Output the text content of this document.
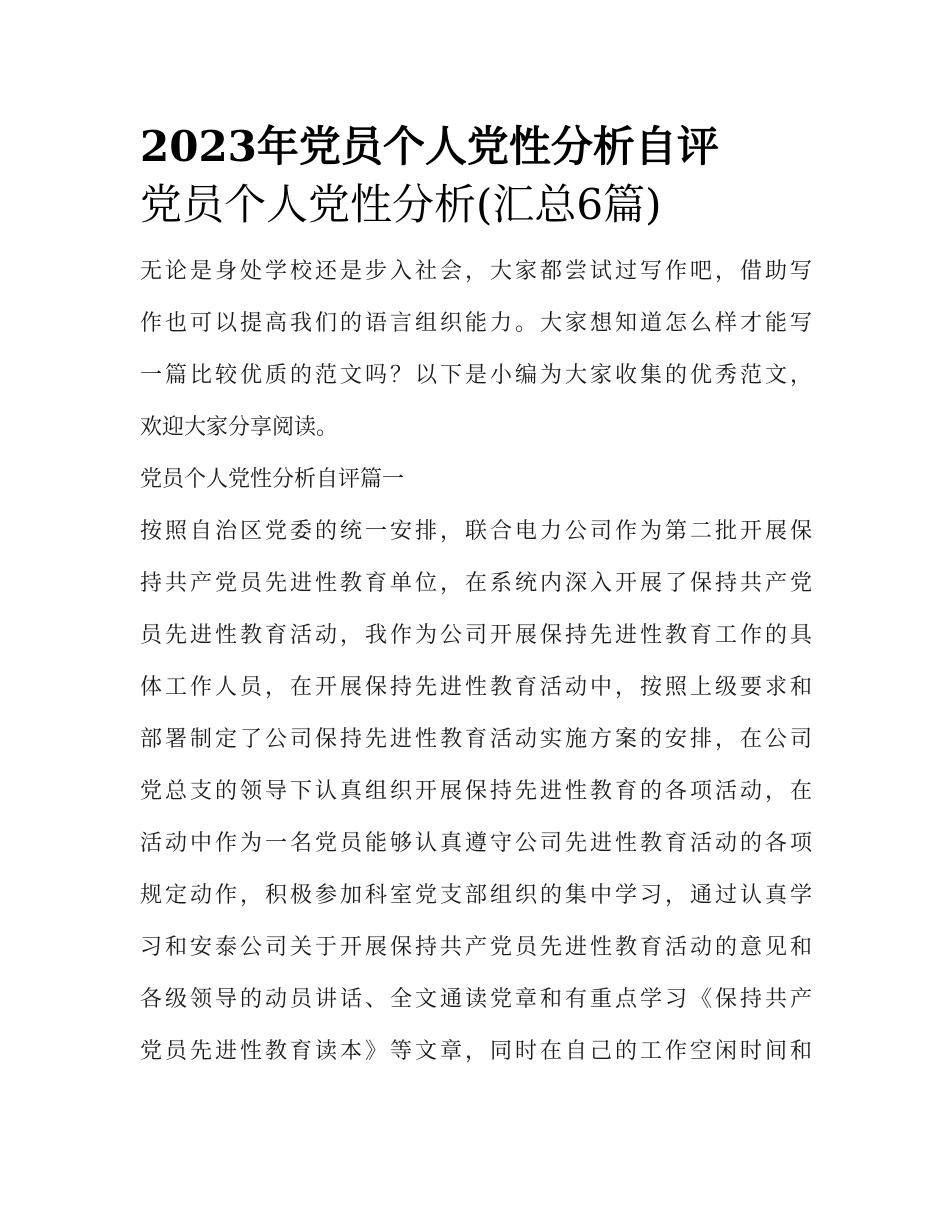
2023年党员个人党性分析自评
党员个人党性分析(汇总6篇)

无论是身处学校还是步入社会，大家都尝试过写作吧，借助写
作也可以提高我们的语言组织能力。大家想知道怎么样才能写
一篇比较优质的范文吗？以下是小编为大家收集的优秀范文，
欢迎大家分享阅读。

党员个人党性分析自评篇一

按照自治区党委的统一安排，联合电力公司作为第二批开展保
持共产党员先进性教育单位，在系统内深入开展了保持共产党
员先进性教育活动，我作为公司开展保持先进性教育工作的具
体工作人员，在开展保持先进性教育活动中，按照上级要求和
部署制定了公司保持先进性教育活动实施方案的安排，在公司
党总支的领导下认真组织开展保持先进性教育的各项活动，在
活动中作为一名党员能够认真遵守公司先进性教育活动的各项
规定动作，积极参加科室党支部组织的集中学习，通过认真学
习和安泰公司关于开展保持共产党员先进性教育活动的意见和
各级领导的动员讲话、全文通读党章和有重点学习《保持共产
党员先进性教育读本》等文章，同时在自己的工作空闲时间和
